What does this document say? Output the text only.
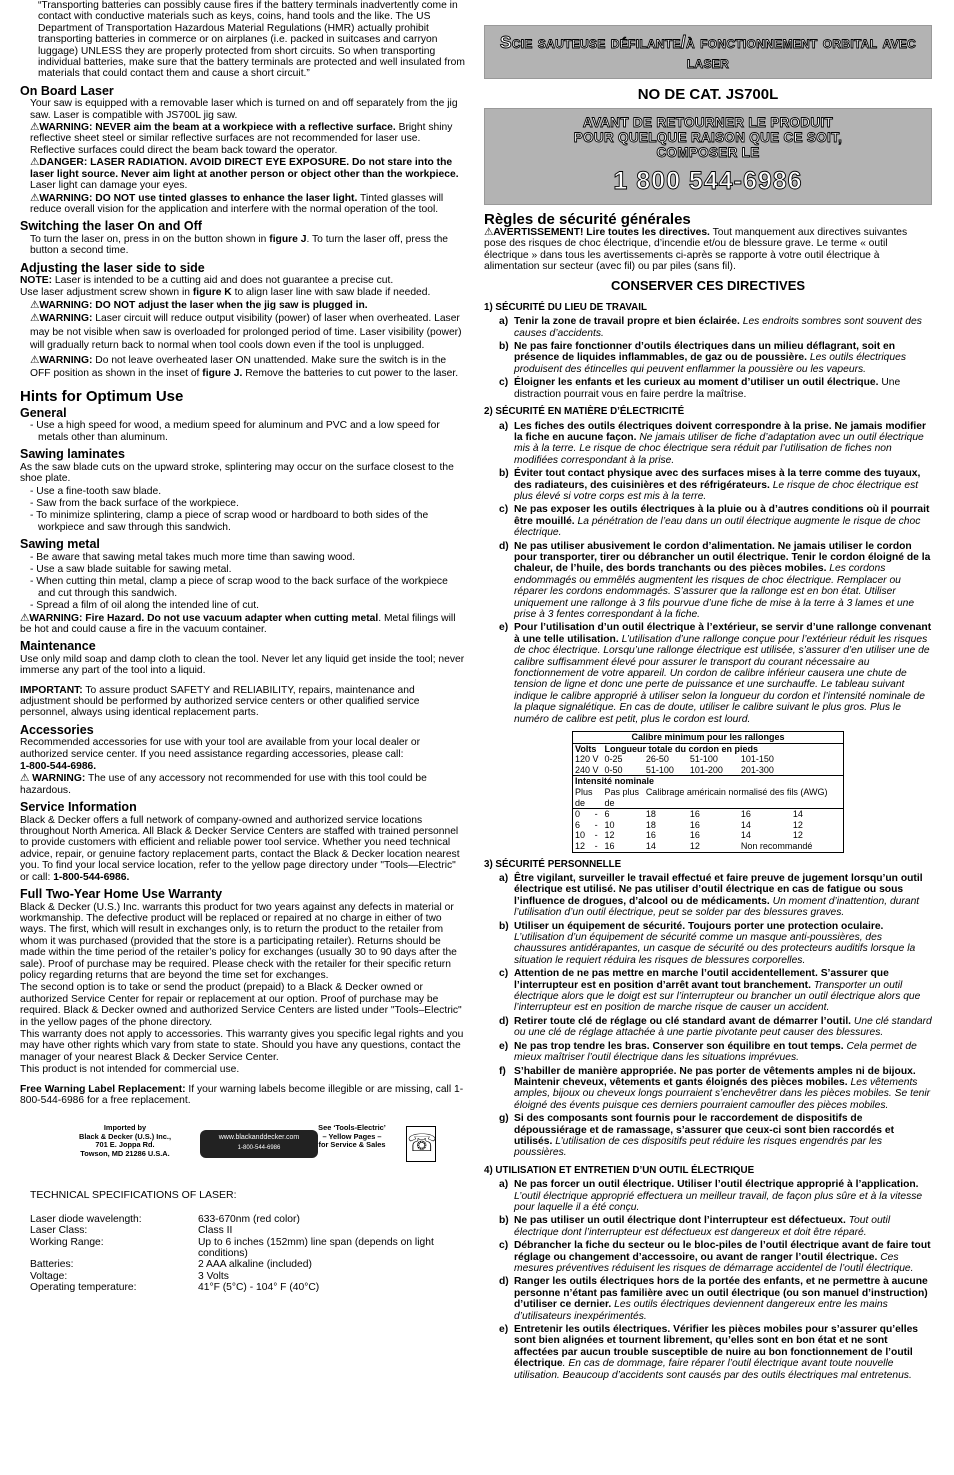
“Transporting batteries can possibly cause fires if the battery terminals inadvertently come in contact with conductive materials such as keys, coins, hand tools and the like. The US Department of Transportation Hazardous Material Regulations (HMR) actually prohibit transporting batteries in commerce or on airplanes (i.e. packed in suitcases and carryon luggage) UNLESS they are properly protected from short circuits. So when transporting individual batteries, make sure that the battery terminals are protected and well insulated from materials that could contact them and cause a short circuit.”

On Board Laser

Your saw is equipped with a removable laser which is turned on and off separately from the jig saw. Laser is compatible with JS700L jig saw.

⚠WARNING: NEVER aim the beam at a workpiece with a reflective surface. Bright shiny reflective sheet steel or similar reflective surfaces are not recommended for laser use. Reflective surfaces could direct the beam back toward the operator.

⚠DANGER: LASER RADIATION. AVOID DIRECT EYE EXPOSURE. Do not stare into the laser light source. Never aim light at another person or object other than the workpiece. Laser light can damage your eyes.

⚠WARNING: DO NOT use tinted glasses to enhance the laser light. Tinted glasses will reduce overall vision for the application and interfere with the normal operation of the tool.

Switching the laser On and Off

To turn the laser on, press in on the button shown in figure J. To turn the laser off, press the button a second time.

Adjusting the laser side to side

NOTE: Laser is intended to be a cutting aid and does not guarantee a precise cut.

Use laser adjustment screw shown in figure K to align laser line with saw blade if needed.

⚠WARNING: DO NOT adjust the laser when the jig saw is plugged in.

⚠WARNING: Laser circuit will reduce output visibility (power) of laser when overheated. Laser may be not visible when saw is overloaded for prolonged period of time. Laser visibility (power) will gradually return back to normal when tool cools down even if the tool is unplugged.

⚠WARNING: Do not leave overheated laser ON unattended. Make sure the switch is in the OFF position as shown in the inset of figure J. Remove the batteries to cut power to the laser.

Hints for Optimum Use
General

- Use a high speed for wood, a medium speed for aluminum and PVC and a low speed for metals other than aluminum.

Sawing laminates

As the saw blade cuts on the upward stroke, splintering may occur on the surface closest to the shoe plate.

- Use a fine-tooth saw blade.

- Saw from the back surface of the workpiece.

- To minimize splintering, clamp a piece of scrap wood or hardboard to both sides of the workpiece and saw through this sandwich.

Sawing metal

- Be aware that sawing metal takes much more time than sawing wood.

- Use a saw blade suitable for sawing metal.

- When cutting thin metal, clamp a piece of scrap wood to the back surface of the workpiece and cut through this sandwich.

- Spread a film of oil along the intended line of cut.

⚠WARNING: Fire Hazard. Do not use vacuum adapter when cutting metal. Metal filings will be hot and could cause a fire in the vacuum container.

Maintenance

Use only mild soap and damp cloth to clean the tool. Never let any liquid get inside the tool; never immerse any part of the tool into a liquid.

IMPORTANT: To assure product SAFETY and RELIABILITY, repairs, maintenance and adjustment should be performed by authorized service centers or other qualified service personnel, always using identical replacement parts.

Accessories

Recommended accessories for use with your tool are available from your local dealer or authorized service center. If you need assistance regarding accessories, please call:

1-800-544-6986.

⚠ WARNING: The use of any accessory not recommended for use with this tool could be hazardous.

Service Information

Black & Decker offers a full network of company-owned and authorized service locations throughout North America. All Black & Decker Service Centers are staffed with trained personnel to provide customers with efficient and reliable power tool service. Whether you need technical advice, repair, or genuine factory replacement parts, contact the Black & Decker location nearest you. To find your local service location, refer to the yellow page directory under "Tools—Electric" or call: 1-800-544-6986.

Full Two-Year Home Use Warranty

Black & Decker (U.S.) Inc. warrants this product for two years against any defects in material or workmanship. The defective product will be replaced or repaired at no charge in either of two ways. The first, which will result in exchanges only, is to return the product to the retailer from whom it was purchased (provided that the store is a participating retailer). Returns should be made within the time period of the retailer’s policy for exchanges (usually 30 to 90 days after the sale). Proof of purchase may be required. Please check with the retailer for their specific return policy regarding returns that are beyond the time set for exchanges.

The second option is to take or send the product (prepaid) to a Black & Decker owned or authorized Service Center for repair or replacement at our option. Proof of purchase may be required. Black & Decker owned and authorized Service Centers are listed under "Tools–Electric" in the yellow pages of the phone directory.

This warranty does not apply to accessories. This warranty gives you specific legal rights and you may have other rights which vary from state to state. Should you have any questions, contact the manager of your nearest Black & Decker Service Center.

This product is not intended for commercial use.

Free Warning Label Replacement: If your warning labels become illegible or are missing, call 1-800-544-6986 for a free replacement.

Imported by
Black & Decker (U.S.) Inc.,
701 E. Joppa Rd.
Towson, MD 21286 U.S.A.
www.blackanddecker.com
1-800-544-6986
See ‘Tools-Electric’
– Yellow Pages –
for Service & Sales ☏

TECHNICAL SPECIFICATIONS OF LASER:

Laser diode wavelength:	633-670nm (red color)
Laser Class:	Class II
Working Range:	Up to 6 inches (152mm) line span (depends on light conditions)
Batteries:	2 AAA alkaline (included)
Voltage:	3 Volts
Operating temperature:	41°F (5°C) - 104° F (40°C)
Scie sauteuse défilante/à fonctionnement orbital avec laser
NO DE CAT. JS700L
AVANT DE RETOURNER LE PRODUIT
POUR QUELQUE RAISON QUE CE SOIT,
COMPOSER LE
1 800 544-6986
Règles de sécurité générales

⚠AVERTISSEMENT! Lire toutes les directives. Tout manquement aux directives suivantes pose des risques de choc électrique, d’incendie et/ou de blessure grave. Le terme « outil électrique » dans tous les avertissements ci-après se rapporte à votre outil électrique à alimentation sur secteur (avec fil) ou par piles (sans fil).

CONSERVER CES DIRECTIVES
1) SÉCURITÉ DU LIEU DE TRAVAIL
a) Tenir la zone de travail propre et bien éclairée. Les endroits sombres sont souvent des causes d’accidents.
b) Ne pas faire fonctionner d’outils électriques dans un milieu déflagrant, soit en présence de liquides inflammables, de gaz ou de poussière. Les outils électriques produisent des étincelles qui peuvent enflammer la poussière ou les vapeurs.
c) Éloigner les enfants et les curieux au moment d’utiliser un outil électrique. Une distraction pourrait vous en faire perdre la maîtrise.
2) SÉCURITÉ EN MATIÈRE D’ÉLECTRICITÉ
a) Les fiches des outils électriques doivent correspondre à la prise. Ne jamais modifier la fiche en aucune façon. Ne jamais utiliser de fiche d’adaptation avec un outil électrique mis à la terre. Le risque de choc électrique sera réduit par l’utilisation de fiches non modifiées correspondant à la prise.
b) Éviter tout contact physique avec des surfaces mises à la terre comme des tuyaux, des radiateurs, des cuisinières et des réfrigérateurs. Le risque de choc électrique est plus élevé si votre corps est mis à la terre.
c) Ne pas exposer les outils électriques à la pluie ou à d’autres conditions où il pourrait être mouillé. La pénétration de l’eau dans un outil électrique augmente le risque de choc électrique.
d) Ne pas utiliser abusivement le cordon d’alimentation. Ne jamais utiliser le cordon pour transporter, tirer ou débrancher un outil électrique. Tenir le cordon éloigné de la chaleur, de l’huile, des bords tranchants ou des pièces mobiles. Les cordons endommagés ou emmêlés augmentent les risques de choc électrique. Remplacer ou réparer les cordons endommagés. S’assurer que la rallonge est en bon état. Utiliser uniquement une rallonge à 3 fils pourvue d’une fiche de mise à la terre à 3 lames et une prise à 3 fentes correspondant à la fiche.
e) Pour l’utilisation d’un outil électrique à l’extérieur, se servir d’une rallonge convenant à une telle utilisation. L’utilisation d’une rallonge conçue pour l’extérieur réduit les risques de choc électrique. Lorsqu’une rallonge électrique est utilisée, s’assurer d’en utiliser une de calibre suffisamment élevé pour assurer le transport du courant nécessaire au fonctionnement de votre appareil. Un cordon de calibre inférieur causera une chute de tension de ligne et donc une perte de puissance et une surchauffe. Le tableau suivant indique le calibre approprié à utiliser selon la longueur du cordon et l’intensité nominale de la plaque signalétique. En cas de doute, utiliser le calibre suivant le plus gros. Plus le numéro de calibre est petit, plus le cordon est lourd.
Calibre minimum pour les rallonges						
Volts		Longueur totale du cordon en pieds				
120 V		0-25	26-50	51-100	101-150	
240 V		0-50	51-100	101-200	201-300	
Intensité nominale						
Plus		Pas plus	Calibrage américain normalisé des fils (AWG)			
de		de				
0	-	6	18	16	16	14
6	-	10	18	16	14	12
10	-	12	16	16	14	12
12	-	16	14	12	Non recommandé	
3) SÉCURITÉ PERSONNELLE
a) Être vigilant, surveiller le travail effectué et faire preuve de jugement lorsqu’un outil électrique est utilisé. Ne pas utiliser d’outil électrique en cas de fatigue ou sous l’influence de drogues, d’alcool ou de médicaments. Un moment d’inattention, durant l’utilisation d’un outil électrique, peut se solder par des blessures graves.
b) Utiliser un équipement de sécurité. Toujours porter une protection oculaire. L’utilisation d’un équipement de sécurité comme un masque anti-poussières, des chaussures antidérapantes, un casque de sécurité ou des protecteurs auditifs lorsque la situation le requiert réduira les risques de blessures corporelles.
c) Attention de ne pas mettre en marche l’outil accidentellement. S’assurer que l’interrupteur est en position d’arrêt avant tout branchement. Transporter un outil électrique alors que le doigt est sur l’interrupteur ou brancher un outil électrique alors que l’interrupteur est en position de marche risque de causer un accident.
d) Retirer toute clé de réglage ou clé standard avant de démarrer l’outil. Une clé standard ou une clé de réglage attachée à une partie pivotante peut causer des blessures.
e) Ne pas trop tendre les bras. Conserver son équilibre en tout temps. Cela permet de mieux maîtriser l’outil électrique dans les situations imprévues.
f) S’habiller de manière appropriée. Ne pas porter de vêtements amples ni de bijoux. Maintenir cheveux, vêtements et gants éloignés des pièces mobiles. Les vêtements amples, bijoux ou cheveux longs pourraient s’enchevêtrer dans les pièces mobiles. Se tenir éloigné des évents puisque ces derniers pourraient camoufler des pièces mobiles.
g) Si des composants sont fournis pour le raccordement de dispositifs de dépoussiérage et de ramassage, s’assurer que ceux-ci sont bien raccordés et utilisés. L’utilisation de ces dispositifs peut réduire les risques engendrés par les poussières.
4) UTILISATION ET ENTRETIEN D’UN OUTIL ÉLECTRIQUE
a) Ne pas forcer un outil électrique. Utiliser l’outil électrique approprié à l’application. L’outil électrique approprié effectuera un meilleur travail, de façon plus sûre et à la vitesse pour laquelle il a été conçu.
b) Ne pas utiliser un outil électrique dont l’interrupteur est défectueux. Tout outil électrique dont l’interrupteur est défectueux est dangereux et doit être réparé.
c) Débrancher la fiche du secteur ou le bloc-piles de l’outil électrique avant de faire tout réglage ou changement d’accessoire, ou avant de ranger l’outil électrique. Ces mesures préventives réduisent les risques de démarrage accidentel de l’outil électrique.
d) Ranger les outils électriques hors de la portée des enfants, et ne permettre à aucune personne n’étant pas familière avec un outil électrique (ou son manuel d’instruction) d’utiliser ce dernier. Les outils électriques deviennent dangereux entre les mains d’utilisateurs inexpérimentés.
e) Entretenir les outils électriques. Vérifier les pièces mobiles pour s’assurer qu’elles sont bien alignées et tournent librement, qu’elles sont en bon état et ne sont affectées par aucun trouble susceptible de nuire au bon fonctionnement de l’outil électrique. En cas de dommage, faire réparer l’outil électrique avant toute nouvelle utilisation. Beaucoup d’accidents sont causés par des outils électriques mal entretenus.
